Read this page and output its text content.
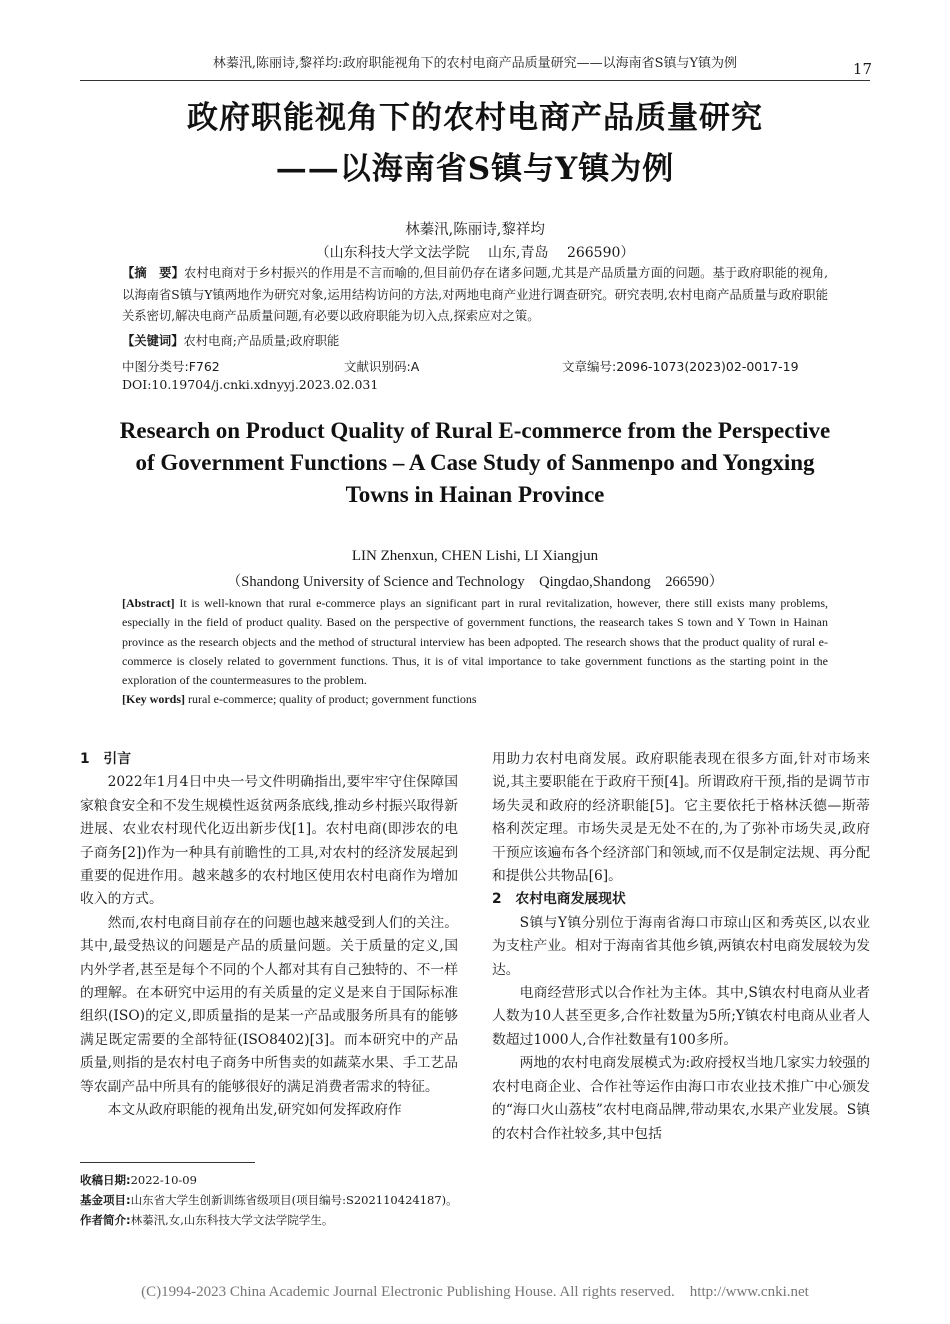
林蓁汛,陈丽诗,黎祥均:政府职能视角下的农村电商产品质量研究——以海南省S镇与Y镇为例	17
政府职能视角下的农村电商产品质量研究
——以海南省S镇与Y镇为例
林蓁汛,陈丽诗,黎祥均
（山东科技大学文法学院　 山东,青岛　 266590）
【摘　要】农村电商对于乡村振兴的作用是不言而喻的,但目前仍存在诸多问题,尤其是产品质量方面的问题。基于政府职能的视角,以海南省S镇与Y镇两地作为研究对象,运用结构访问的方法,对两地电商产业进行调查研究。研究表明,农村电商产品质量与政府职能关系密切,解决电商产品质量问题,有必要以政府职能为切入点,探索应对之策。
【关键词】农村电商;产品质量;政府职能
中图分类号:F762	文献识别码:A	文章编号:2096-1073(2023)02-0017-19
DOI:10.19704/j.cnki.xdnyyj.2023.02.031
Research on Product Quality of Rural E-commerce from the Perspective
of Government Functions – A Case Study of Sanmenpo and Yongxing
Towns in Hainan Province
LIN Zhenxun, CHEN Lishi, LI Xiangjun
（Shandong University of Science and Technology　Qingdao,Shandong　266590）
[Abstract] It is well-known that rural e-commerce plays an significant part in rural revitalization, however, there still exists many problems, especially in the field of product quality. Based on the perspective of government functions, the reasearch takes S town and Y Town in Hainan province as the research objects and the method of structural interview has been adpopted. The research shows that the product quality of rural e-commerce is closely related to government functions. Thus, it is of vital importance to take government functions as the starting point in the exploration of the countermeasures to the problem.
[Key words] rural e-commerce; quality of product; government functions

1　引言

2022年1月4日中央一号文件明确指出,要牢牢守住保障国家粮食安全和不发生规模性返贫两条底线,推动乡村振兴取得新进展、农业农村现代化迈出新步伐[1]。农村电商(即涉农的电子商务[2])作为一种具有前瞻性的工具,对农村的经济发展起到重要的促进作用。越来越多的农村地区使用农村电商作为增加收入的方式。

然而,农村电商目前存在的问题也越来越受到人们的关注。其中,最受热议的问题是产品的质量问题。关于质量的定义,国内外学者,甚至是每个不同的个人都对其有自己独特的、不一样的理解。在本研究中运用的有关质量的定义是来自于国际标准组织(ISO)的定义,即质量指的是某一产品或服务所具有的能够满足既定需要的全部特征(ISO8402)[3]。而本研究中的产品质量,则指的是农村电子商务中所售卖的如蔬菜水果、手工艺品等农副产品中所具有的能够很好的满足消费者需求的特征。

本文从政府职能的视角出发,研究如何发挥政府作

用助力农村电商发展。政府职能表现在很多方面,针对市场来说,其主要职能在于政府干预[4]。所谓政府干预,指的是调节市场失灵和政府的经济职能[5]。它主要依托于格林沃德—斯蒂格利茨定理。市场失灵是无处不在的,为了弥补市场失灵,政府干预应该遍布各个经济部门和领域,而不仅是制定法规、再分配和提供公共物品[6]。

2　农村电商发展现状

S镇与Y镇分别位于海南省海口市琼山区和秀英区,以农业为支柱产业。相对于海南省其他乡镇,两镇农村电商发展较为发达。

电商经营形式以合作社为主体。其中,S镇农村电商从业者人数为10人甚至更多,合作社数量为5所;Y镇农村电商从业者人数超过1000人,合作社数量有100多所。

两地的农村电商发展模式为:政府授权当地几家实力较强的农村电商企业、合作社等运作由海口市农业技术推广中心颁发的“海口火山荔枝”农村电商品牌,带动果农,水果产业发展。S镇的农村合作社较多,其中包括

收稿日期:2022-10-09
基金项目:山东省大学生创新训练省级项目(项目编号:S202110424187)。
作者简介:林蓁汛,女,山东科技大学文法学院学生。
(C)1994-2023 China Academic Journal Electronic Publishing House. All rights reserved.　http://www.cnki.net
